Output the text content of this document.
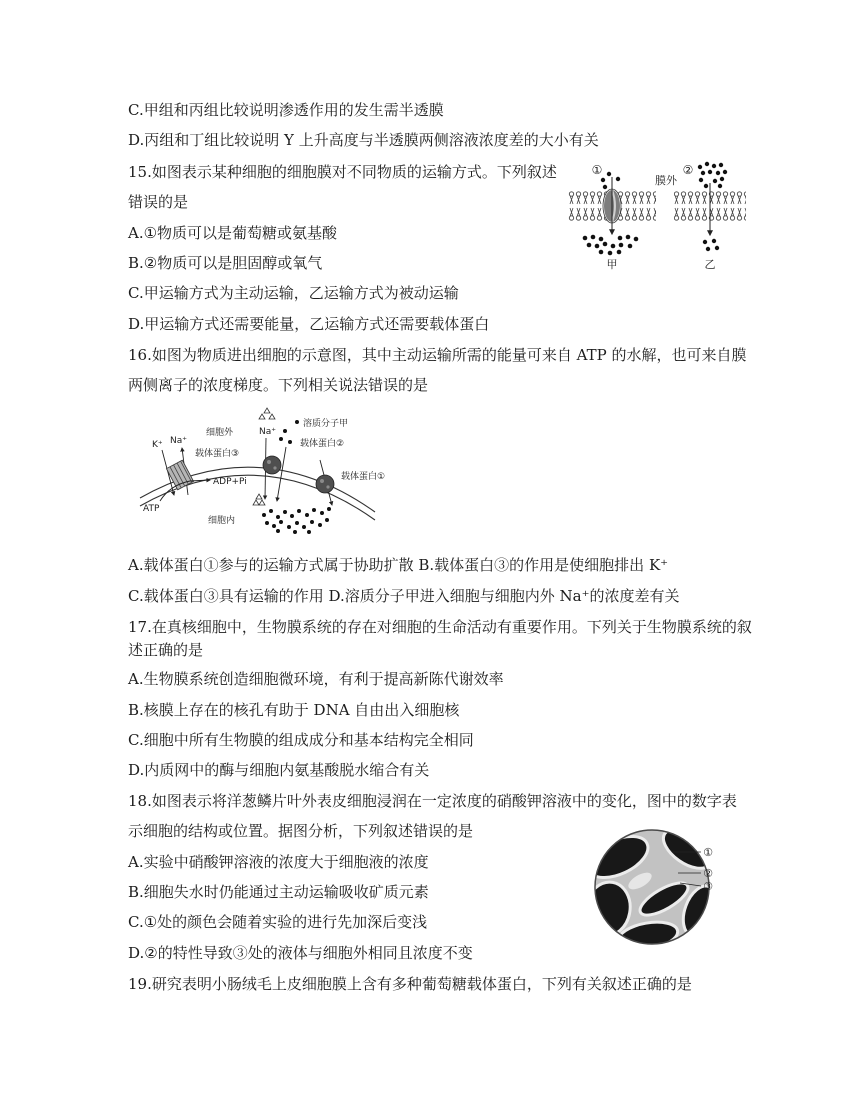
C.甲组和丙组比较说明渗透作用的发生需半透膜
D.丙组和丁组比较说明 Y 上升高度与半透膜两侧溶液浓度差的大小有关
15.如图表示某种细胞的细胞膜对不同物质的运输方式。下列叙述
错误的是
A.①物质可以是葡萄糖或氨基酸
B.②物质可以是胆固醇或氧气
C.甲运输方式为主动运输，乙运输方式为被动运输
D.甲运输方式还需要能量，乙运输方式还需要载体蛋白
①
膜外
②
甲	乙
16.如图为物质进出细胞的示意图，其中主动运输所需的能量可来自 ATP 的水解，也可来自膜
两侧离子的浓度梯度。下列相关说法错误的是
K⁺ Na⁺
ADP+Pi
ATP
细胞外
细胞内
载体蛋白③
Na⁺
溶质分子甲
载体蛋白②
载体蛋白①
A.载体蛋白①参与的运输方式属于协助扩散 B.载体蛋白③的作用是使细胞排出 K⁺
C.载体蛋白③具有运输的作用 D.溶质分子甲进入细胞与细胞内外 Na⁺的浓度差有关
17.在真核细胞中，生物膜系统的存在对细胞的生命活动有重要作用。下列关于生物膜系统的叙
述正确的是
A.生物膜系统创造细胞微环境，有利于提高新陈代谢效率
B.核膜上存在的核孔有助于 DNA 自由出入细胞核
C.细胞中所有生物膜的组成成分和基本结构完全相同
D.内质网中的酶与细胞内氨基酸脱水缩合有关
18.如图表示将洋葱鳞片叶外表皮细胞浸润在一定浓度的硝酸钾溶液中的变化，图中的数字表
示细胞的结构或位置。据图分析，下列叙述错误的是
A.实验中硝酸钾溶液的浓度大于细胞液的浓度
B.细胞失水时仍能通过主动运输吸收矿质元素
C.①处的颜色会随着实验的进行先加深后变浅
D.②的特性导致③处的液体与细胞外相同且浓度不变
①
②
③
19.研究表明小肠绒毛上皮细胞膜上含有多种葡萄糖载体蛋白，下列有关叙述正确的是
